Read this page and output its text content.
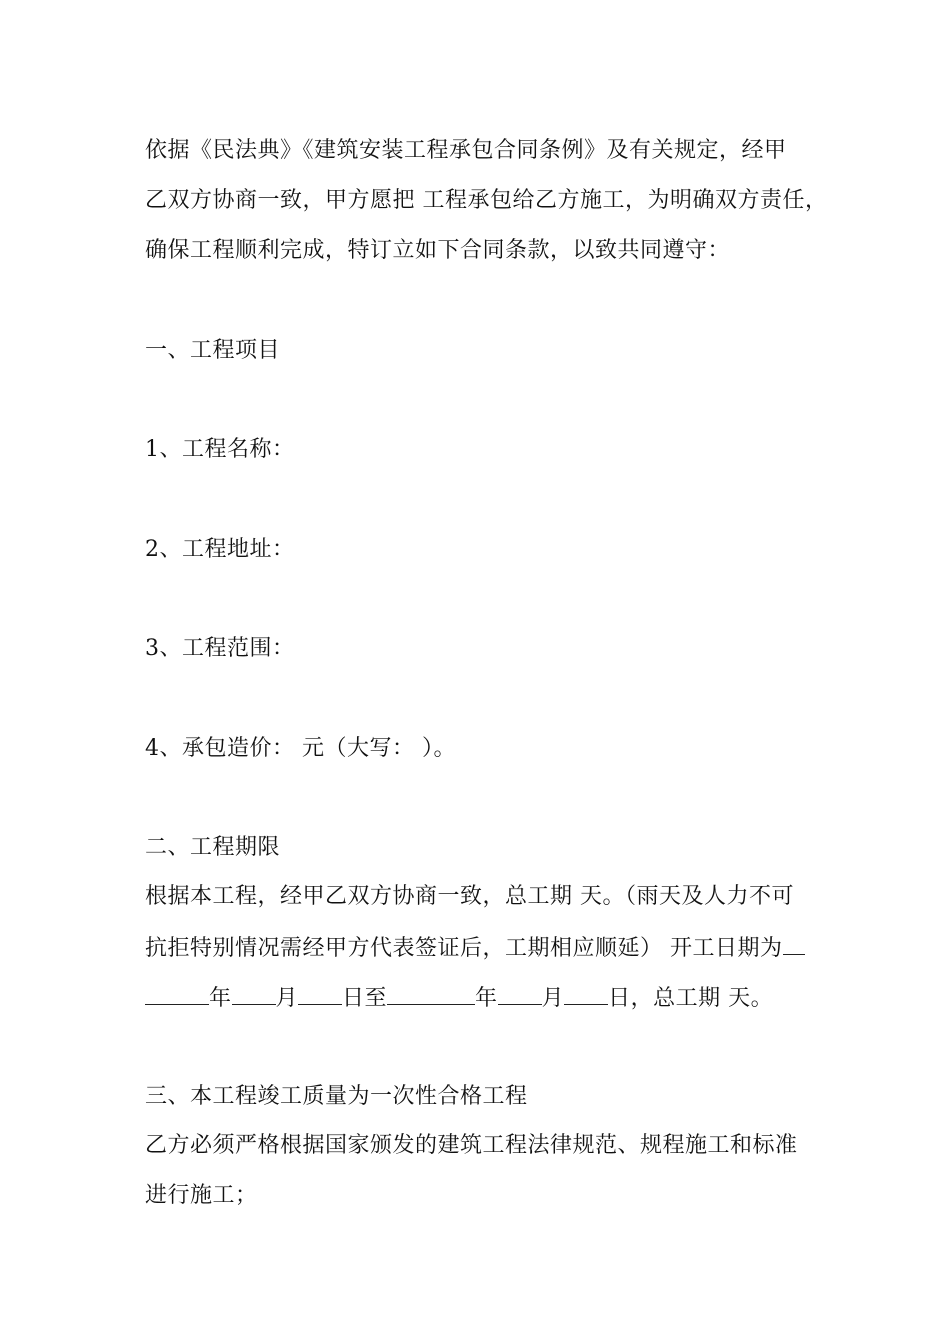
依据《民法典》《建筑安装工程承包合同条例》及有关规定，经甲
乙双方协商一致，甲方愿把 工程承包给乙方施工，为明确双方责任，
确保工程顺利完成，特订立如下合同条款，以致共同遵守：
一、工程项目
1、工程名称：
2、工程地址：
3、工程范围：
4、承包造价： 元（大写： ）。
二、工程期限
根据本工程，经甲乙双方协商一致，总工期 天。（雨天及人力不可
抗拒特别情况需经甲方代表签证后，工期相应顺延） 开工日期为
年 月 日至	年 月 日，总工期 天。
三、本工程竣工质量为一次性合格工程
乙方必须严格根据国家颁发的建筑工程法律规范、规程施工和标准
进行施工；
